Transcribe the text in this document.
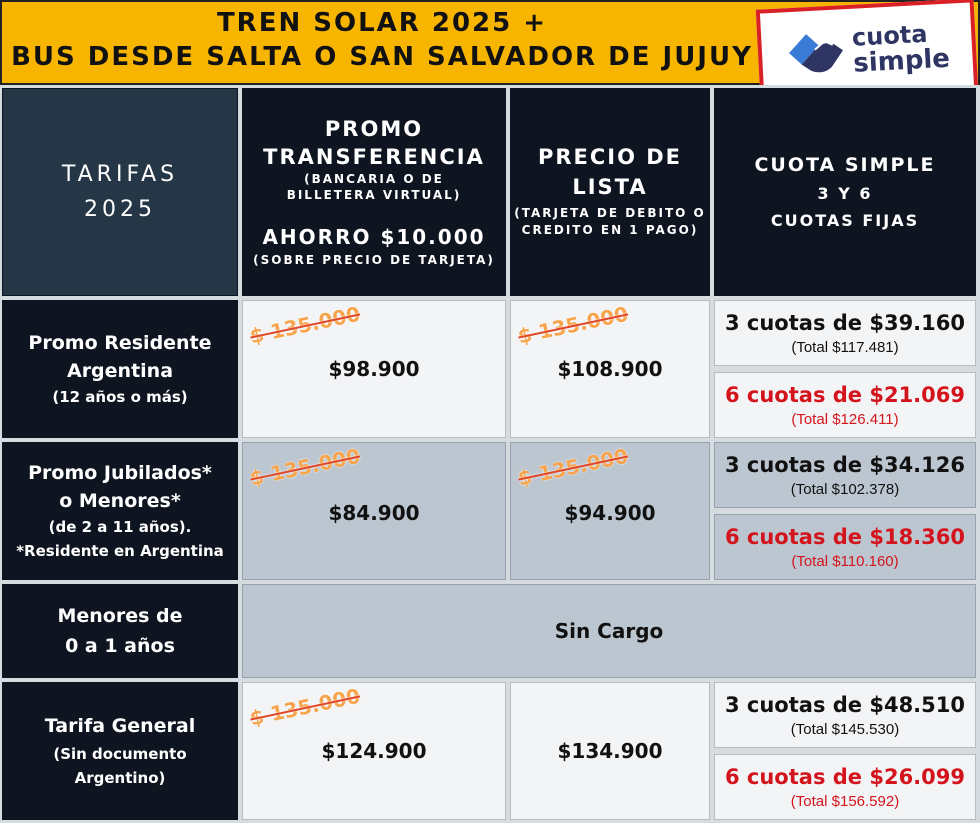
TREN SOLAR 2025 +
BUS DESDE SALTA O SAN SALVADOR DE JUJUY
cuota
simple
TARIFAS
2025
PROMO
TRANSFERENCIA
(BANCARIA O DE BILLETERA VIRTUAL)
AHORRO $10.000
(SOBRE PRECIO DE TARJETA)
PRECIO DE
LISTA
(TARJETA DE DEBITO O CREDITO EN 1 PAGO)
CUOTA SIMPLE
3 Y 6
CUOTAS FIJAS
Promo Residente
Argentina
(12 años o más)
$ 135.000
$98.900
$ 135.000
$108.900
3 cuotas de $39.160
(Total $117.481)
6 cuotas de $21.069
(Total $126.411)
Promo Jubilados*
o Menores*
(de 2 a 11 años).
*Residente en Argentina
$ 135.000
$84.900
$ 135.000
$94.900
3 cuotas de $34.126
(Total $102.378)
6 cuotas de $18.360
(Total $110.160)
Menores de
0 a 1 años
Sin Cargo
Tarifa General
(Sin documento
Argentino)
$ 135.000
$124.900	$134.900
3 cuotas de $48.510
(Total $145.530)
6 cuotas de $26.099
(Total $156.592)
